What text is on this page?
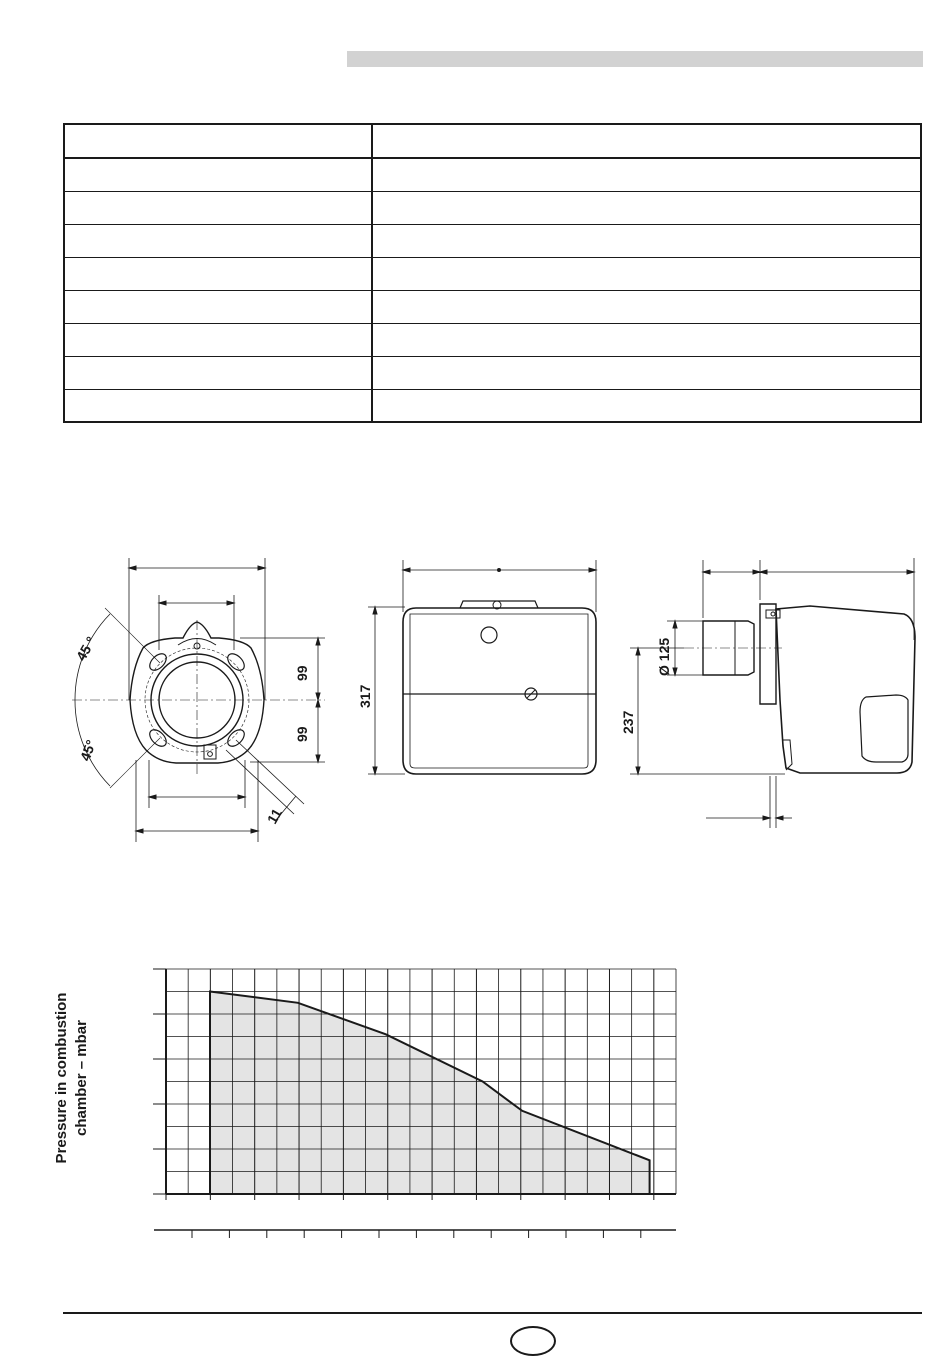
45 °
45°
99
99
11
317
Ø 125
237
Pressure in combustion chamber – mbar
